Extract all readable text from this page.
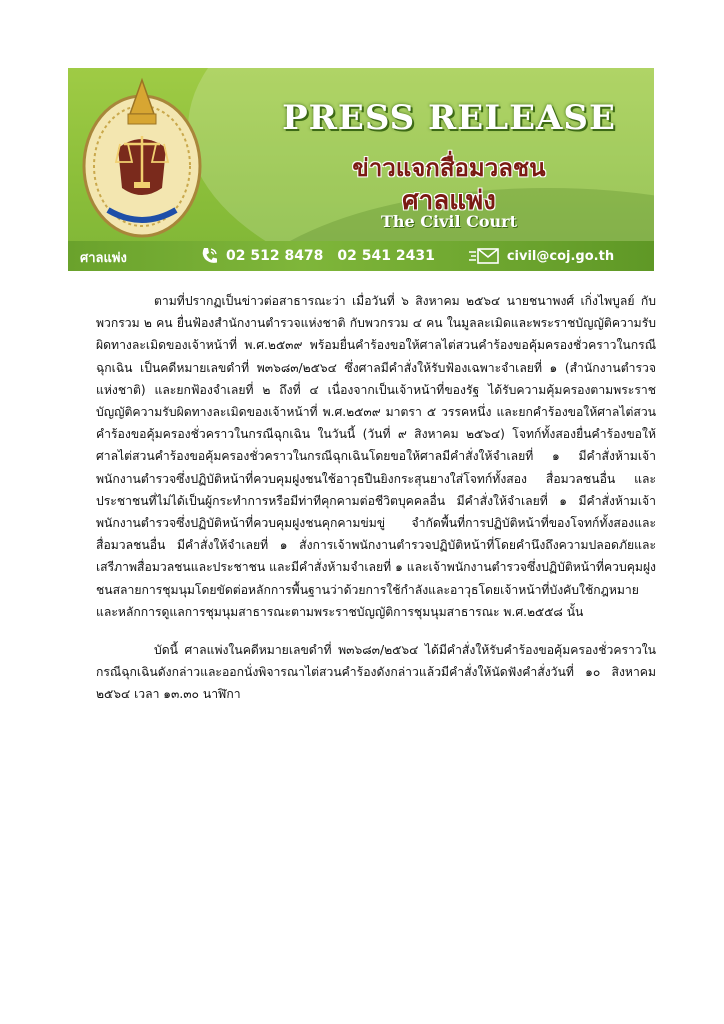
PRESS RELEASE
ข่าวแจกสื่อมวลชน
ศาลแพ่ง
The Civil Court
ศาลแพ่ง	02 512 8478 02 541 2431	civil@coj.go.th

ตามที่ปรากฏเป็นข่าวต่อสาธารณะว่า เมื่อวันที่ ๖ สิงหาคม ๒๕๖๔ นายชนาพงศ์ เกิ่งไพบูลย์ กับพวกรวม ๒ คน ยื่นฟ้องสำนักงานตำรวจแห่งชาติ กับพวกรวม ๔ คน ในมูลละเมิดและพระราชบัญญัติความรับผิดทางละเมิดของเจ้าหน้าที่ พ.ศ.๒๕๓๙ พร้อมยื่นคำร้องขอให้ศาลไต่สวนคำร้องขอคุ้มครองชั่วคราวในกรณีฉุกเฉิน เป็นคดีหมายเลขดำที่ พ๓๖๘๓/๒๕๖๔ ซึ่งศาลมีคำสั่งให้รับฟ้องเฉพาะจำเลยที่ ๑ (สำนักงานตำรวจแห่งชาติ) และยกฟ้องจำเลยที่ ๒ ถึงที่ ๔ เนื่องจากเป็นเจ้าหน้าที่ของรัฐ ได้รับความคุ้มครองตามพระราชบัญญัติความรับผิดทางละเมิดของเจ้าหน้าที่ พ.ศ.๒๕๓๙ มาตรา ๕ วรรคหนึ่ง และยกคำร้องขอให้ศาลไต่สวนคำร้องขอคุ้มครองชั่วคราวในกรณีฉุกเฉิน ในวันนี้ (วันที่ ๙ สิงหาคม ๒๕๖๔) โจทก์ทั้งสองยื่นคำร้องขอให้ศาลไต่สวนคำร้องขอคุ้มครองชั่วคราวในกรณีฉุกเฉินโดยขอให้ศาลมีคำสั่งให้จำเลยที่ ๑ มีคำสั่งห้ามเจ้าพนักงานตำรวจซึ่งปฏิบัติหน้าที่ควบคุมฝูงชนใช้อาวุธปืนยิงกระสุนยางใส่โจทก์ทั้งสอง สื่อมวลชนอื่น และประชาชนที่ไม่ได้เป็นผู้กระทำการหรือมีท่าทีคุกคามต่อชีวิตบุคคลอื่น มีคำสั่งให้จำเลยที่ ๑ มีคำสั่งห้ามเจ้าพนักงานตำรวจซึ่งปฏิบัติหน้าที่ควบคุมฝูงชนคุกคามข่มขู่ จำกัดพื้นที่การปฏิบัติหน้าที่ของโจทก์ทั้งสองและสื่อมวลชนอื่น มีคำสั่งให้จำเลยที่ ๑ สั่งการเจ้าพนักงานตำรวจปฏิบัติหน้าที่โดยคำนึงถึงความปลอดภัยและเสรีภาพสื่อมวลชนและประชาชน และมีคำสั่งห้ามจำเลยที่ ๑ และเจ้าพนักงานตำรวจซึ่งปฏิบัติหน้าที่ควบคุมฝูงชนสลายการชุมนุมโดยขัดต่อหลักการพื้นฐานว่าด้วยการใช้กำลังและอาวุธโดยเจ้าหน้าที่บังคับใช้กฎหมาย และหลักการดูแลการชุมนุมสาธารณะตามพระราชบัญญัติการชุมนุมสาธารณะ พ.ศ.๒๕๕๘ นั้น

บัดนี้ ศาลแพ่งในคดีหมายเลขดำที่ พ๓๖๘๓/๒๕๖๔ ได้มีคำสั่งให้รับคำร้องขอคุ้มครองชั่วคราวในกรณีฉุกเฉินดังกล่าวและออกนั่งพิจารณาไต่สวนคำร้องดังกล่าวแล้วมีคำสั่งให้นัดฟังคำสั่งวันที่ ๑๐ สิงหาคม ๒๕๖๔ เวลา ๑๓.๓๐ นาฬิกา
